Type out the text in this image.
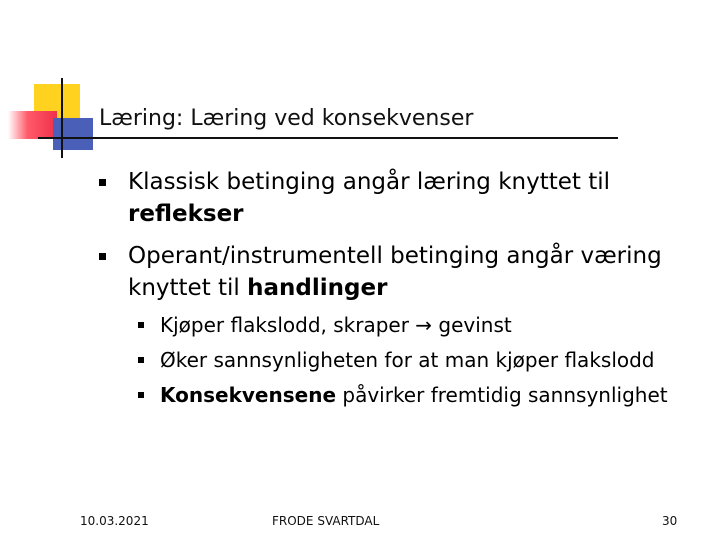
Læring: Læring ved konsekvenser
Klassisk betinging angår læring knyttet til reflekser
Operant/instrumentell betinging angår væring knyttet til handlinger
Kjøper flakslodd, skraper → gevinst
Øker sannsynligheten for at man kjøper flakslodd
Konsekvensene påvirker fremtidig sannsynlighet
10.03.2021	FRODE SVARTDAL	30
